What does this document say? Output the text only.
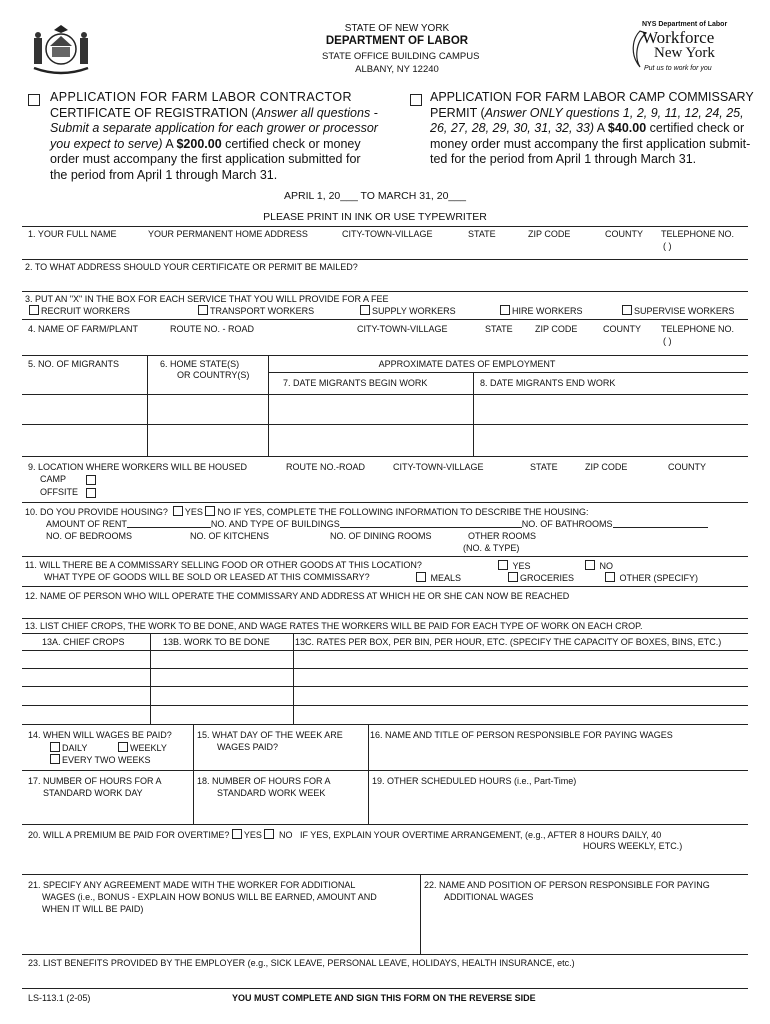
STATE OF NEW YORK
DEPARTMENT OF LABOR
STATE OFFICE BUILDING CAMPUS
ALBANY, NY 12240
NYS Department of Labor
Workforce
New York
Put us to work for you
APPLICATION FOR FARM LABOR CONTRACTOR
CERTIFICATE OF REGISTRATION (Answer all questions -
Submit a separate application for each grower or processor
you expect to serve) A $200.00 certified check or money
order must accompany the first application submitted for
the period from April 1 through March 31.
APPLICATION FOR FARM LABOR CAMP COMMISSARY
PERMIT (Answer ONLY questions 1, 2, 9, 11, 12, 24, 25,
26, 27, 28, 29, 30, 31, 32, 33) A $40.00 certified check or
money order must accompany the first application submit-
ted for the period from April 1 through March 31.
APRIL 1, 20___ TO MARCH 31, 20___
PLEASE PRINT IN INK OR USE TYPEWRITER
1. YOUR FULL NAME	YOUR PERMANENT HOME ADDRESS	CITY-TOWN-VILLAGE	STATE	ZIP CODE	COUNTY TELEPHONE NO.
( )
2. TO WHAT ADDRESS SHOULD YOUR CERTIFICATE OR PERMIT BE MAILED?
3. PUT AN "X" IN THE BOX FOR EACH SERVICE THAT YOU WILL PROVIDE FOR A FEE
RECRUIT WORKERS	TRANSPORT WORKERS	SUPPLY WORKERS	HIRE WORKERS	SUPERVISE WORKERS
4. NAME OF FARM/PLANT	ROUTE NO. - ROAD	CITY-TOWN-VILLAGE	STATE ZIP CODE	COUNTY TELEPHONE NO.
( )
5. NO. OF MIGRANTS	6. HOME STATE(S)
OR COUNTRY(S)
APPROXIMATE DATES OF EMPLOYMENT
7. DATE MIGRANTS BEGIN WORK	8. DATE MIGRANTS END WORK
9. LOCATION WHERE WORKERS WILL BE HOUSED	ROUTE NO.-ROAD	CITY-TOWN-VILLAGE	STATE	ZIP CODE	COUNTY
CAMP
OFFSITE
10. DO YOU PROVIDE HOUSING? YES NO IF YES, COMPLETE THE FOLLOWING INFORMATION TO DESCRIBE THE HOUSING:
AMOUNT OF RENT	NO. AND TYPE OF BUILDINGS	NO. OF BATHROOMS
NO. OF BEDROOMS	NO. OF KITCHENS	NO. OF DINING ROOMS	OTHER ROOMS
(NO. & TYPE)
11. WILL THERE BE A COMMISSARY SELLING FOOD OR OTHER GOODS AT THIS LOCATION?	YES	NO
WHAT TYPE OF GOODS WILL BE SOLD OR LEASED AT THIS COMMISSARY?	MEALS	GROCERIES	OTHER (SPECIFY)
12. NAME OF PERSON WHO WILL OPERATE THE COMMISSARY AND ADDRESS AT WHICH HE OR SHE CAN NOW BE REACHED
13. LIST CHIEF CROPS, THE WORK TO BE DONE, AND WAGE RATES THE WORKERS WILL BE PAID FOR EACH TYPE OF WORK ON EACH CROP.
13A. CHIEF CROPS	13B. WORK TO BE DONE	13C. RATES PER BOX, PER BIN, PER HOUR, ETC. (SPECIFY THE CAPACITY OF BOXES, BINS, ETC.)
14. WHEN WILL WAGES BE PAID?
DAILY	WEEKLY
EVERY TWO WEEKS
15. WHAT DAY OF THE WEEK ARE
WAGES PAID?
16. NAME AND TITLE OF PERSON RESPONSIBLE FOR PAYING WAGES
17. NUMBER OF HOURS FOR A
STANDARD WORK DAY
18. NUMBER OF HOURS FOR A
STANDARD WORK WEEK
19. OTHER SCHEDULED HOURS (i.e., Part-Time)
20. WILL A PREMIUM BE PAID FOR OVERTIME? YES NO IF YES, EXPLAIN YOUR OVERTIME ARRANGEMENT, (e.g., AFTER 8 HOURS DAILY, 40
HOURS WEEKLY, ETC.)
21. SPECIFY ANY AGREEMENT MADE WITH THE WORKER FOR ADDITIONAL
WAGES (i.e., BONUS - EXPLAIN HOW BONUS WILL BE EARNED, AMOUNT AND
WHEN IT WILL BE PAID)
22. NAME AND POSITION OF PERSON RESPONSIBLE FOR PAYING
ADDITIONAL WAGES
23. LIST BENEFITS PROVIDED BY THE EMPLOYER (e.g., SICK LEAVE, PERSONAL LEAVE, HOLIDAYS, HEALTH INSURANCE, etc.)
LS-113.1 (2-05)	YOU MUST COMPLETE AND SIGN THIS FORM ON THE REVERSE SIDE
